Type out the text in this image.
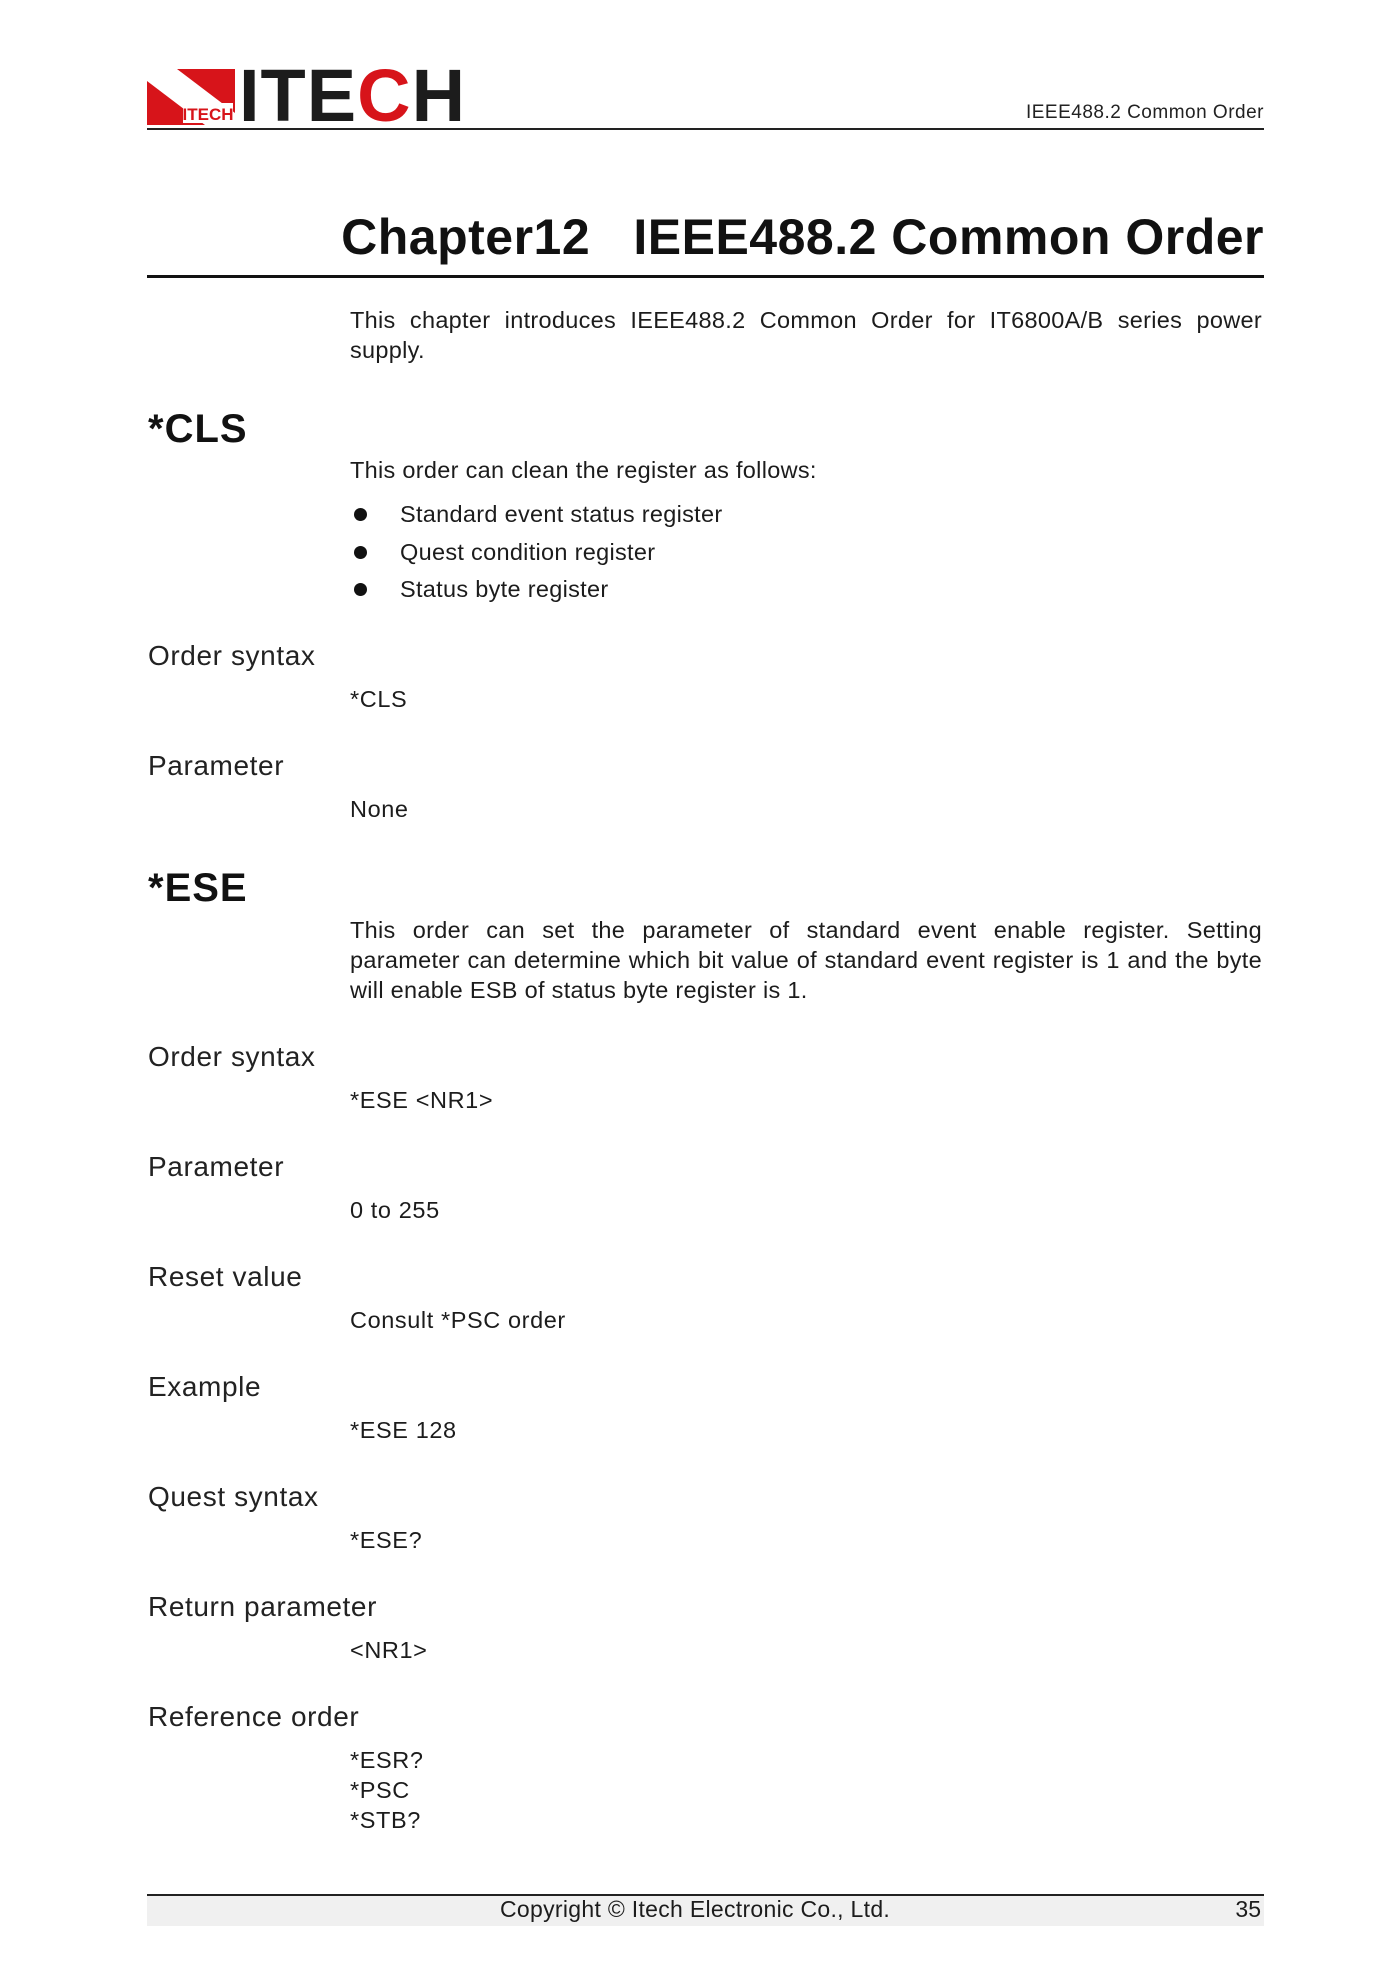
ITECH ITECH	IEEE488.2 Common Order
Chapter12   IEEE488.2 Common Order
This chapter introduces IEEE488.2 Common Order for IT6800A/B series power supply.
*CLS
This order can clean the register as follows:
Standard event status register
Quest condition register
Status byte register
Order syntax
*CLS
Parameter
None
*ESE
This order can set the parameter of standard event enable register. Setting parameter can determine which bit value of standard event register is 1 and the byte will enable ESB of status byte register is 1.
Order syntax
*ESE <NR1>
Parameter
0 to 255
Reset value
Consult *PSC order
Example
*ESE 128
Quest syntax
*ESE?
Return parameter
<NR1>
Reference order
*ESR?
*PSC
*STB?
Copyright © Itech Electronic Co., Ltd.	35
